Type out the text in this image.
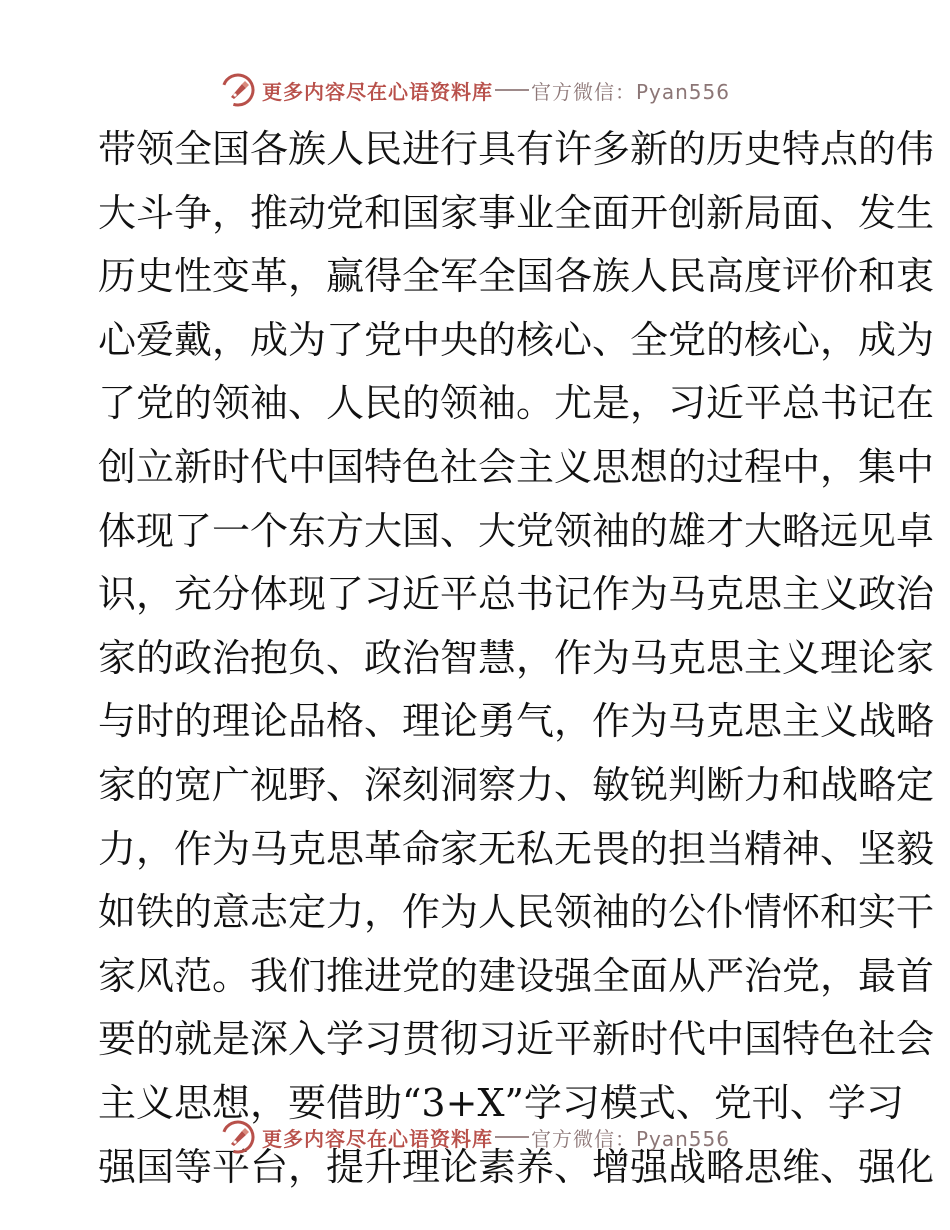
更多内容尽在心语资料库 官方微信：Pyan556
带领全国各族人民进行具有许多新的历史特点的伟
大斗争，推动党和国家事业全面开创新局面、发生
历史性变革，赢得全军全国各族人民高度评价和衷
心爱戴，成为了党中央的核心、全党的核心，成为
了党的领袖、人民的领袖。尤是，习近平总书记在
创立新时代中国特色社会主义思想的过程中，集中
体现了一个东方大国、大党领袖的雄才大略远见卓
识，充分体现了习近平总书记作为马克思主义政治
家的政治抱负、政治智慧，作为马克思主义理论家
与时的理论品格、理论勇气，作为马克思主义战略
家的宽广视野、深刻洞察力、敏锐判断力和战略定
力，作为马克思革命家无私无畏的担当精神、坚毅
如铁的意志定力，作为人民领袖的公仆情怀和实干
家风范。我们推进党的建设强全面从严治党，最首
要的就是深入学习贯彻习近平新时代中国特色社会
主义思想，要借助“3+X”学习模式、党刊、学习
强国等平台，提升理论素养、增强战略思维、强化
更多内容尽在心语资料库 官方微信：Pyan556
